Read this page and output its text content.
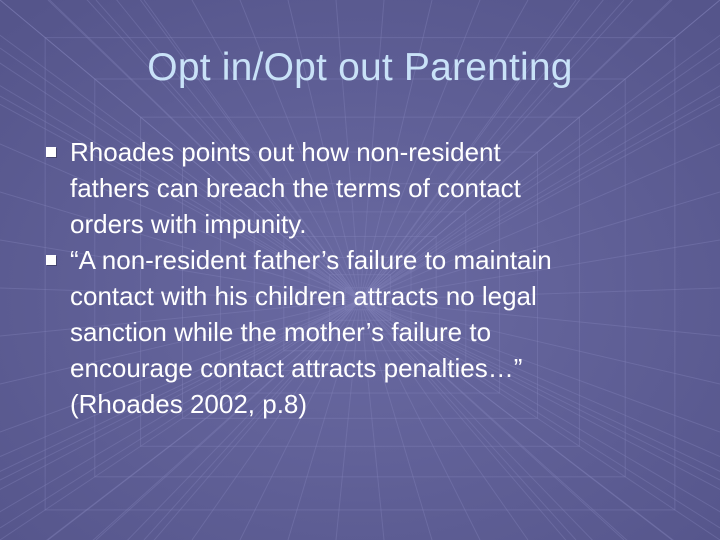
Opt in/Opt out Parenting
Rhoades points out how non-resident
fathers can breach the terms of contact
orders with impunity.
“A non-resident father’s failure to maintain
contact with his children attracts no legal
sanction while the mother’s failure to
encourage contact attracts penalties…”
(Rhoades 2002, p.8)
